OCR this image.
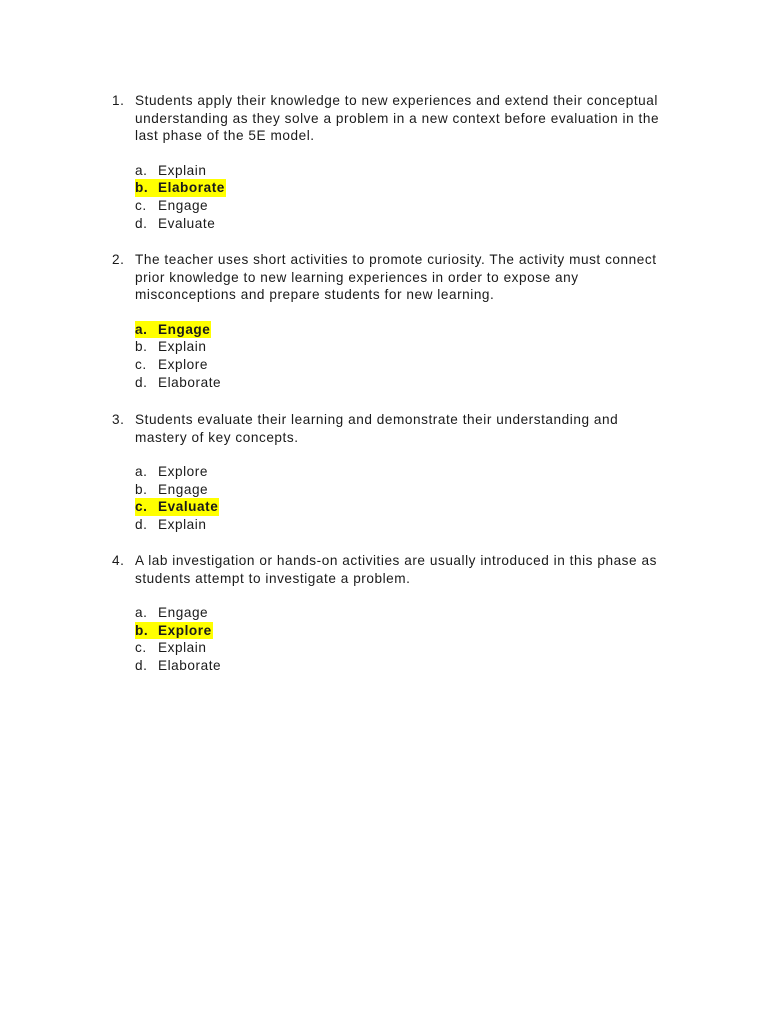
1. Students apply their knowledge to new experiences and extend their conceptual understanding as they solve a problem in a new context before evaluation in the last phase of the 5E model.
a. Explain
b. Elaborate
c. Engage
d. Evaluate
2. The teacher uses short activities to promote curiosity. The activity must connect prior knowledge to new learning experiences in order to expose any misconceptions and prepare students for new learning.
a. Engage
b. Explain
c. Explore
d. Elaborate
3. Students evaluate their learning and demonstrate their understanding and mastery of key concepts.
a. Explore
b. Engage
c. Evaluate
d. Explain
4. A lab investigation or hands-on activities are usually introduced in this phase as students attempt to investigate a problem.
a. Engage
b. Explore
c. Explain
d. Elaborate
